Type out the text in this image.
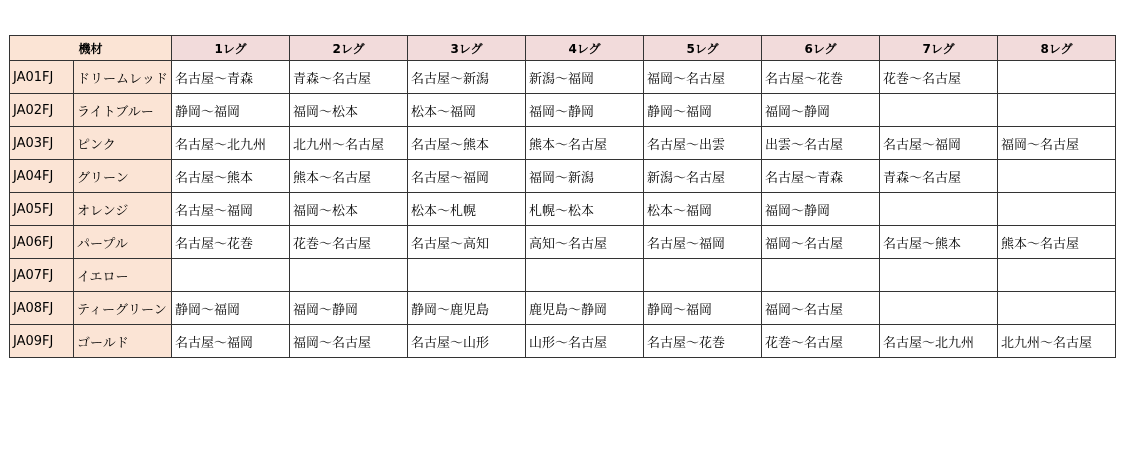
機材		1レグ	2レグ	3レグ	4レグ	5レグ	6レグ	7レグ	8レグ
JA01FJ	ドリームレッド	名古屋～青森	青森～名古屋	名古屋～新潟	新潟～福岡	福岡～名古屋	名古屋～花巻	花巻～名古屋	
JA02FJ	ライトブルー	静岡～福岡	福岡～松本	松本～福岡	福岡～静岡	静岡～福岡	福岡～静岡		
JA03FJ	ピンク	名古屋～北九州	北九州～名古屋	名古屋～熊本	熊本～名古屋	名古屋～出雲	出雲～名古屋	名古屋～福岡	福岡～名古屋
JA04FJ	グリーン	名古屋～熊本	熊本～名古屋	名古屋～福岡	福岡～新潟	新潟～名古屋	名古屋～青森	青森～名古屋	
JA05FJ	オレンジ	名古屋～福岡	福岡～松本	松本～札幌	札幌～松本	松本～福岡	福岡～静岡		
JA06FJ	パープル	名古屋～花巻	花巻～名古屋	名古屋～高知	高知～名古屋	名古屋～福岡	福岡～名古屋	名古屋～熊本	熊本～名古屋
JA07FJ	イエロー								
JA08FJ	ティーグリーン	静岡～福岡	福岡～静岡	静岡～鹿児島	鹿児島～静岡	静岡～福岡	福岡～名古屋		
JA09FJ	ゴールド	名古屋～福岡	福岡～名古屋	名古屋～山形	山形～名古屋	名古屋～花巻	花巻～名古屋	名古屋～北九州	北九州～名古屋
